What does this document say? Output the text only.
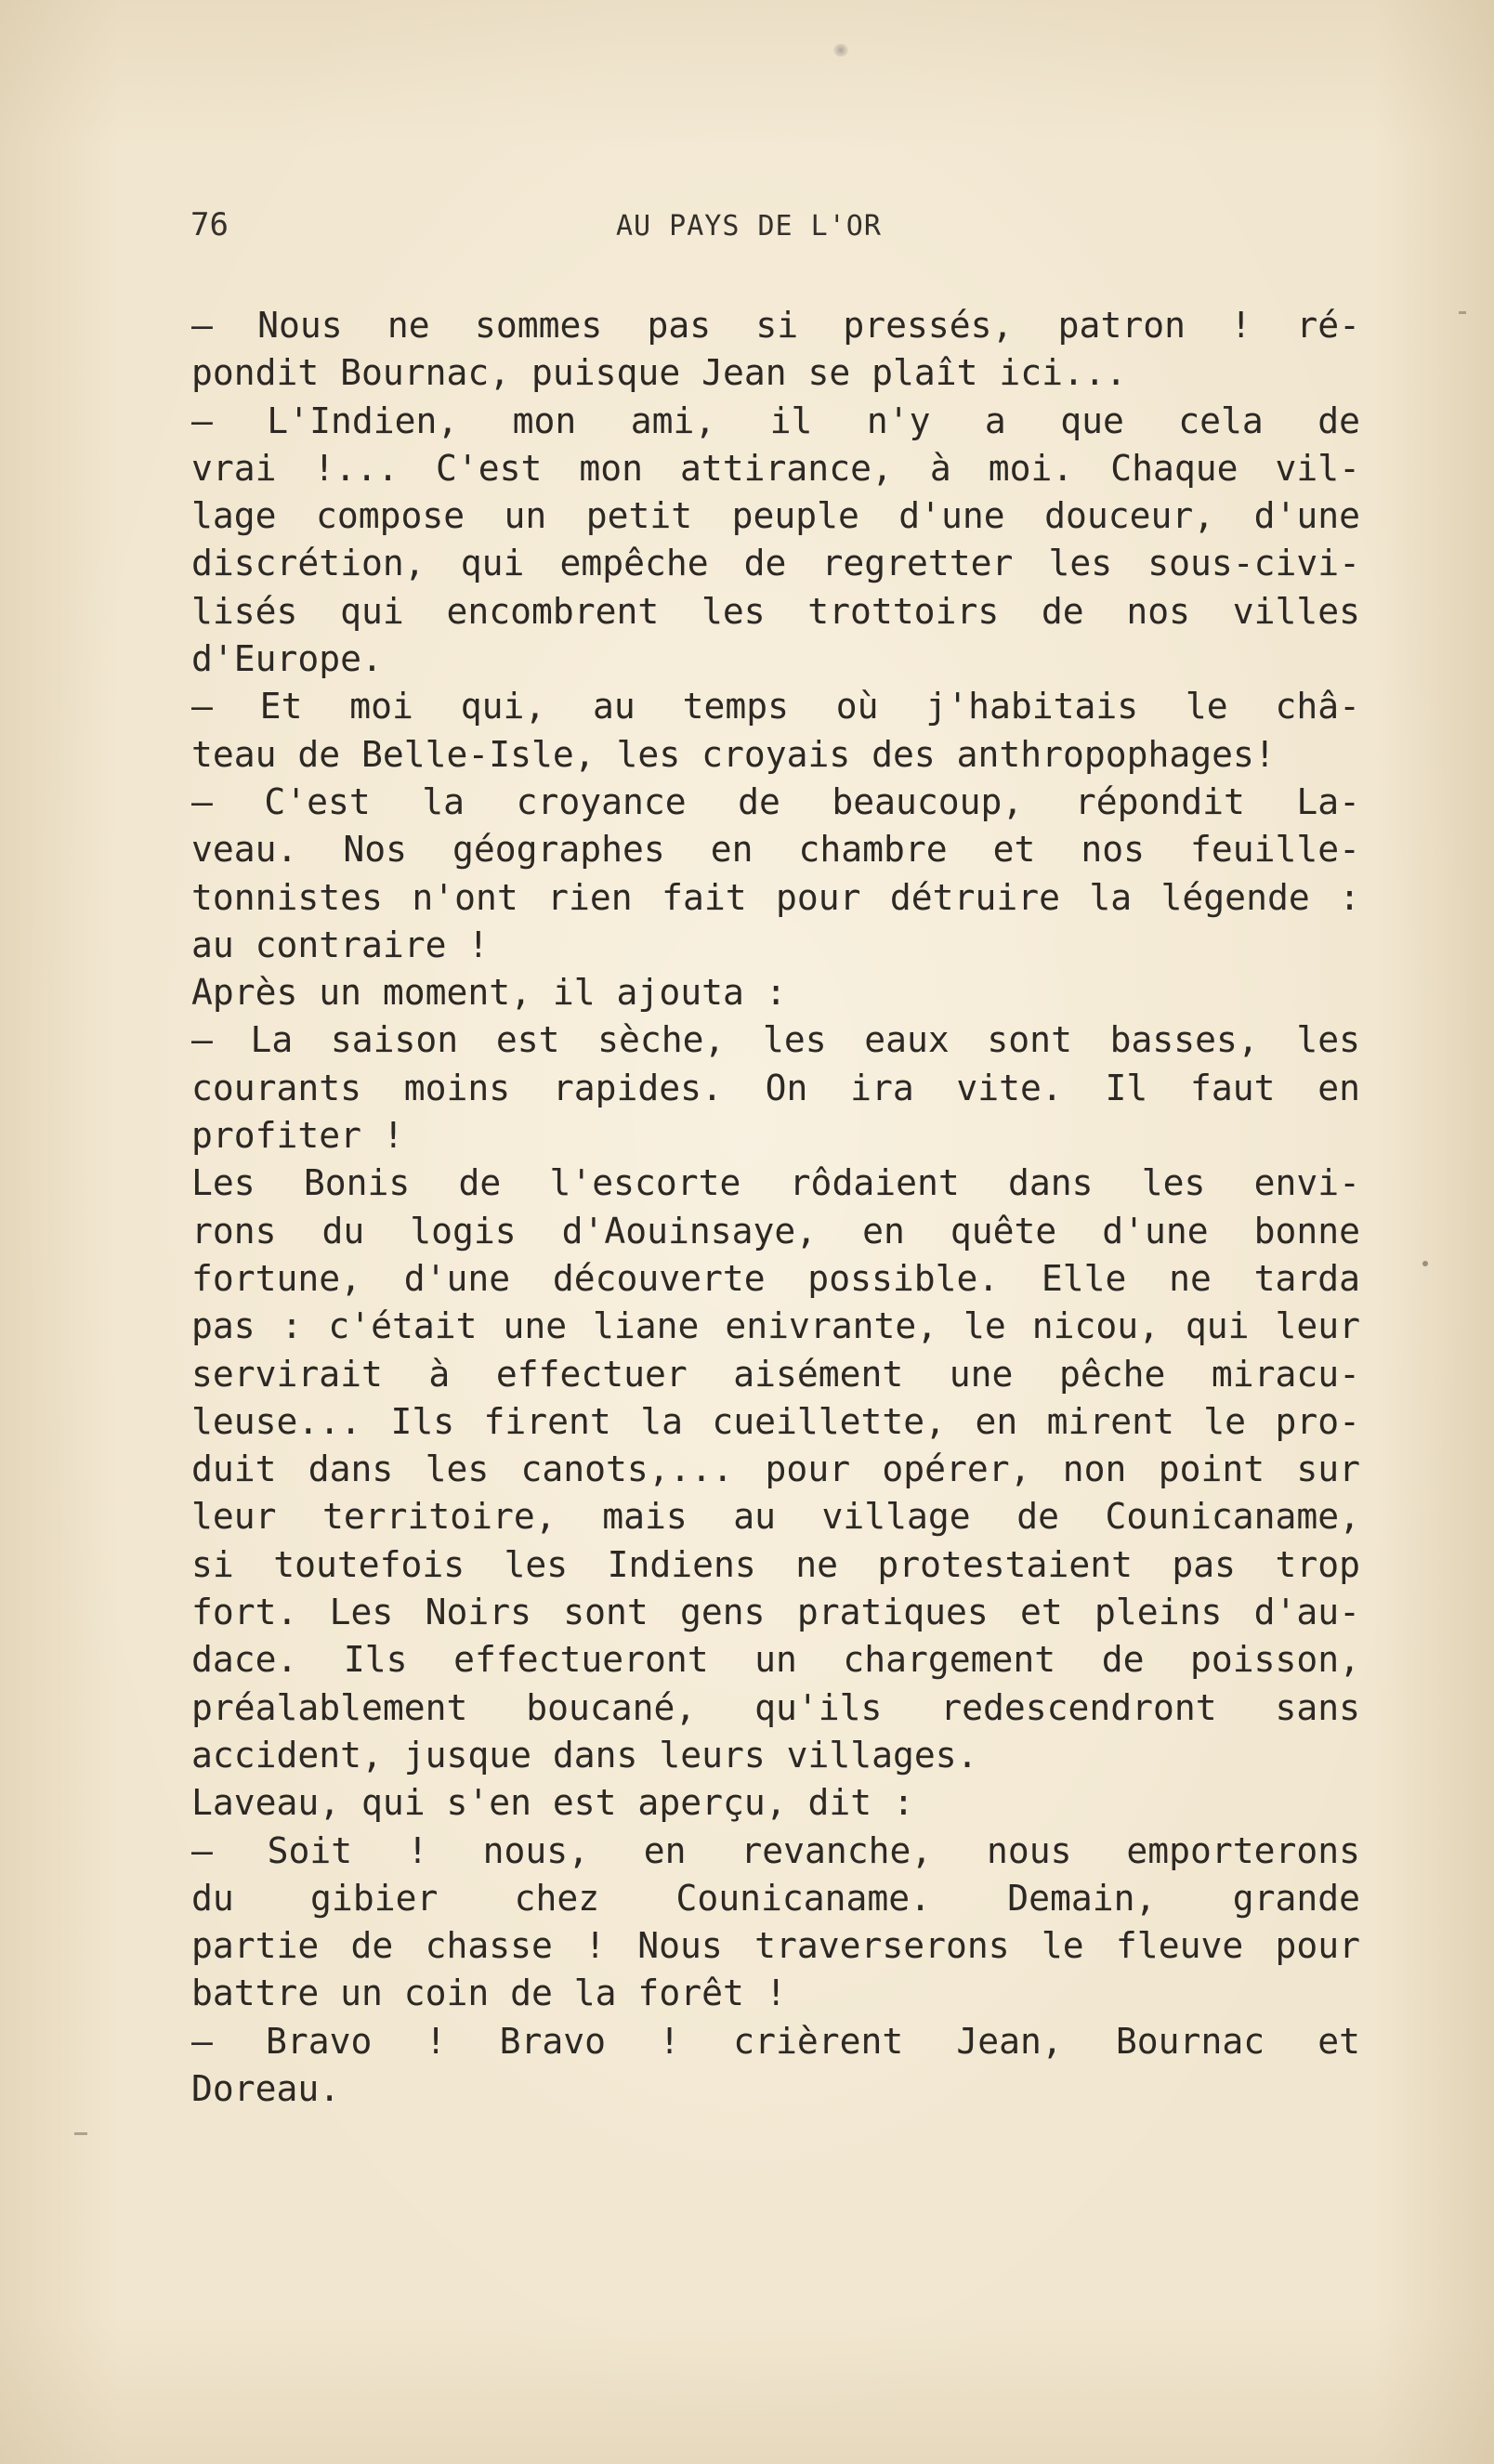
76	AU PAYS DE L'OR
— Nous ne sommes pas si pressés, patron ! ré-
pondit Bournac, puisque Jean se plaît ici...
— L'Indien, mon ami, il n'y a que cela de
vrai !... C'est mon attirance, à moi. Chaque vil-
lage compose un petit peuple d'une douceur, d'une
discrétion, qui empêche de regretter les sous-civi-
lisés qui encombrent les trottoirs de nos villes
d'Europe.
— Et moi qui, au temps où j'habitais le châ-
teau de Belle-Isle, les croyais des anthropophages!
— C'est la croyance de beaucoup, répondit La-
veau. Nos géographes en chambre et nos feuille-
tonnistes n'ont rien fait pour détruire la légende :
au contraire !
Après un moment, il ajouta :
— La saison est sèche, les eaux sont basses, les
courants moins rapides. On ira vite. Il faut en
profiter !
Les Bonis de l'escorte rôdaient dans les envi-
rons du logis d'Aouinsaye, en quête d'une bonne
fortune, d'une découverte possible. Elle ne tarda
pas : c'était une liane enivrante, le nicou, qui leur
servirait à effectuer aisément une pêche miracu-
leuse... Ils firent la cueillette, en mirent le pro-
duit dans les canots,... pour opérer, non point sur
leur territoire, mais au village de Counicaname,
si toutefois les Indiens ne protestaient pas trop
fort. Les Noirs sont gens pratiques et pleins d'au-
dace. Ils effectueront un chargement de poisson,
préalablement boucané, qu'ils redescendront sans
accident, jusque dans leurs villages.
Laveau, qui s'en est aperçu, dit :
— Soit ! nous, en revanche, nous emporterons
du gibier chez Counicaname. Demain, grande
partie de chasse ! Nous traverserons le fleuve pour
battre un coin de la forêt !
— Bravo ! Bravo ! crièrent Jean, Bournac et
Doreau.
